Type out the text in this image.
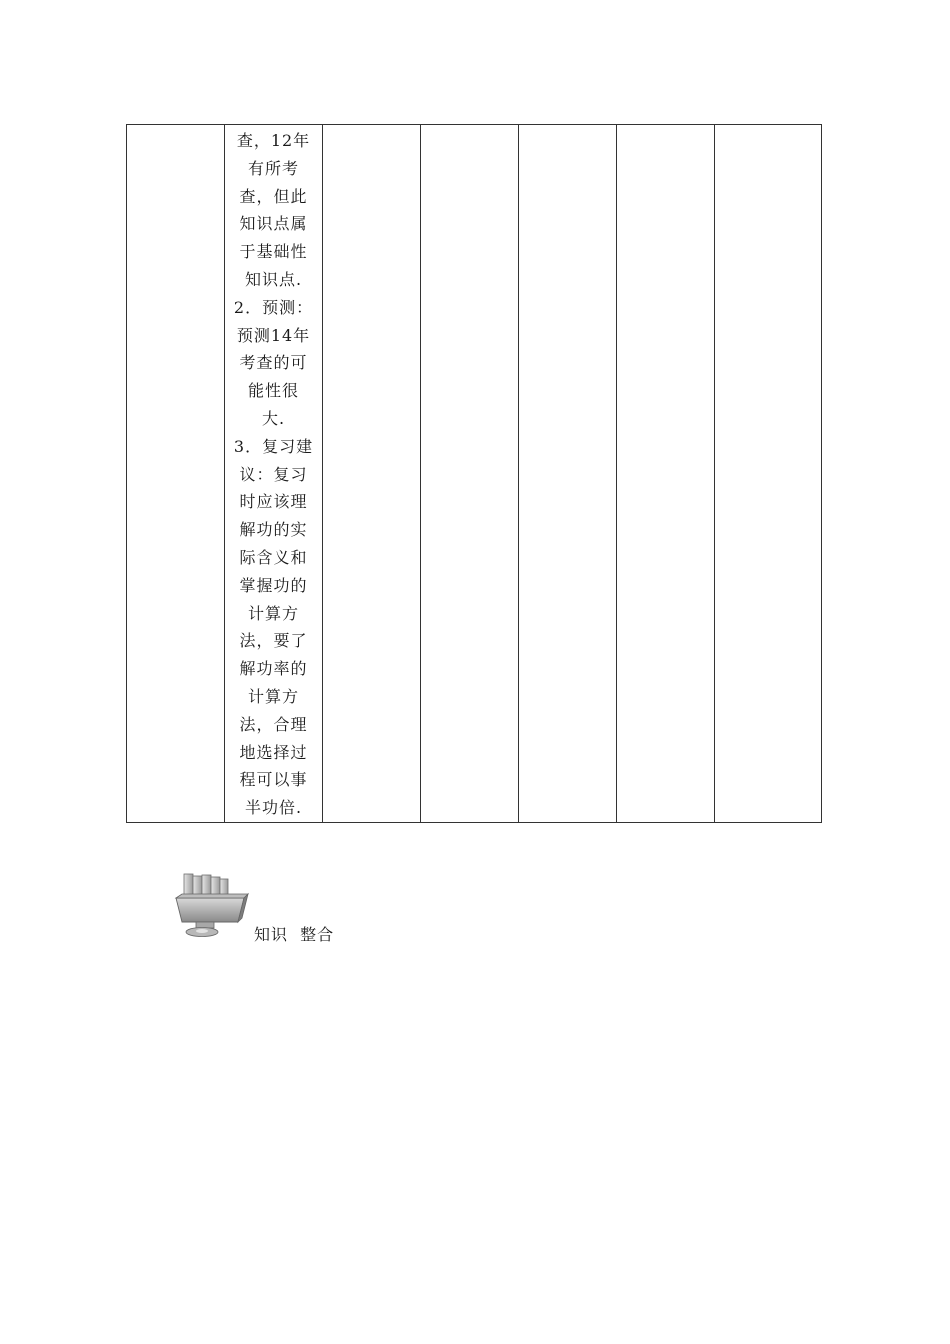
查，12年
有所考
查，但此
知识点属
于基础性
知识点.
2．预测：
预测14年
考查的可
能性很
大.
3．复习建
议：复习
时应该理
解功的实
际含义和
掌握功的
计算方
法，要了
解功率的
计算方
法，合理
地选择过
程可以事
半功倍.

知识  整合
